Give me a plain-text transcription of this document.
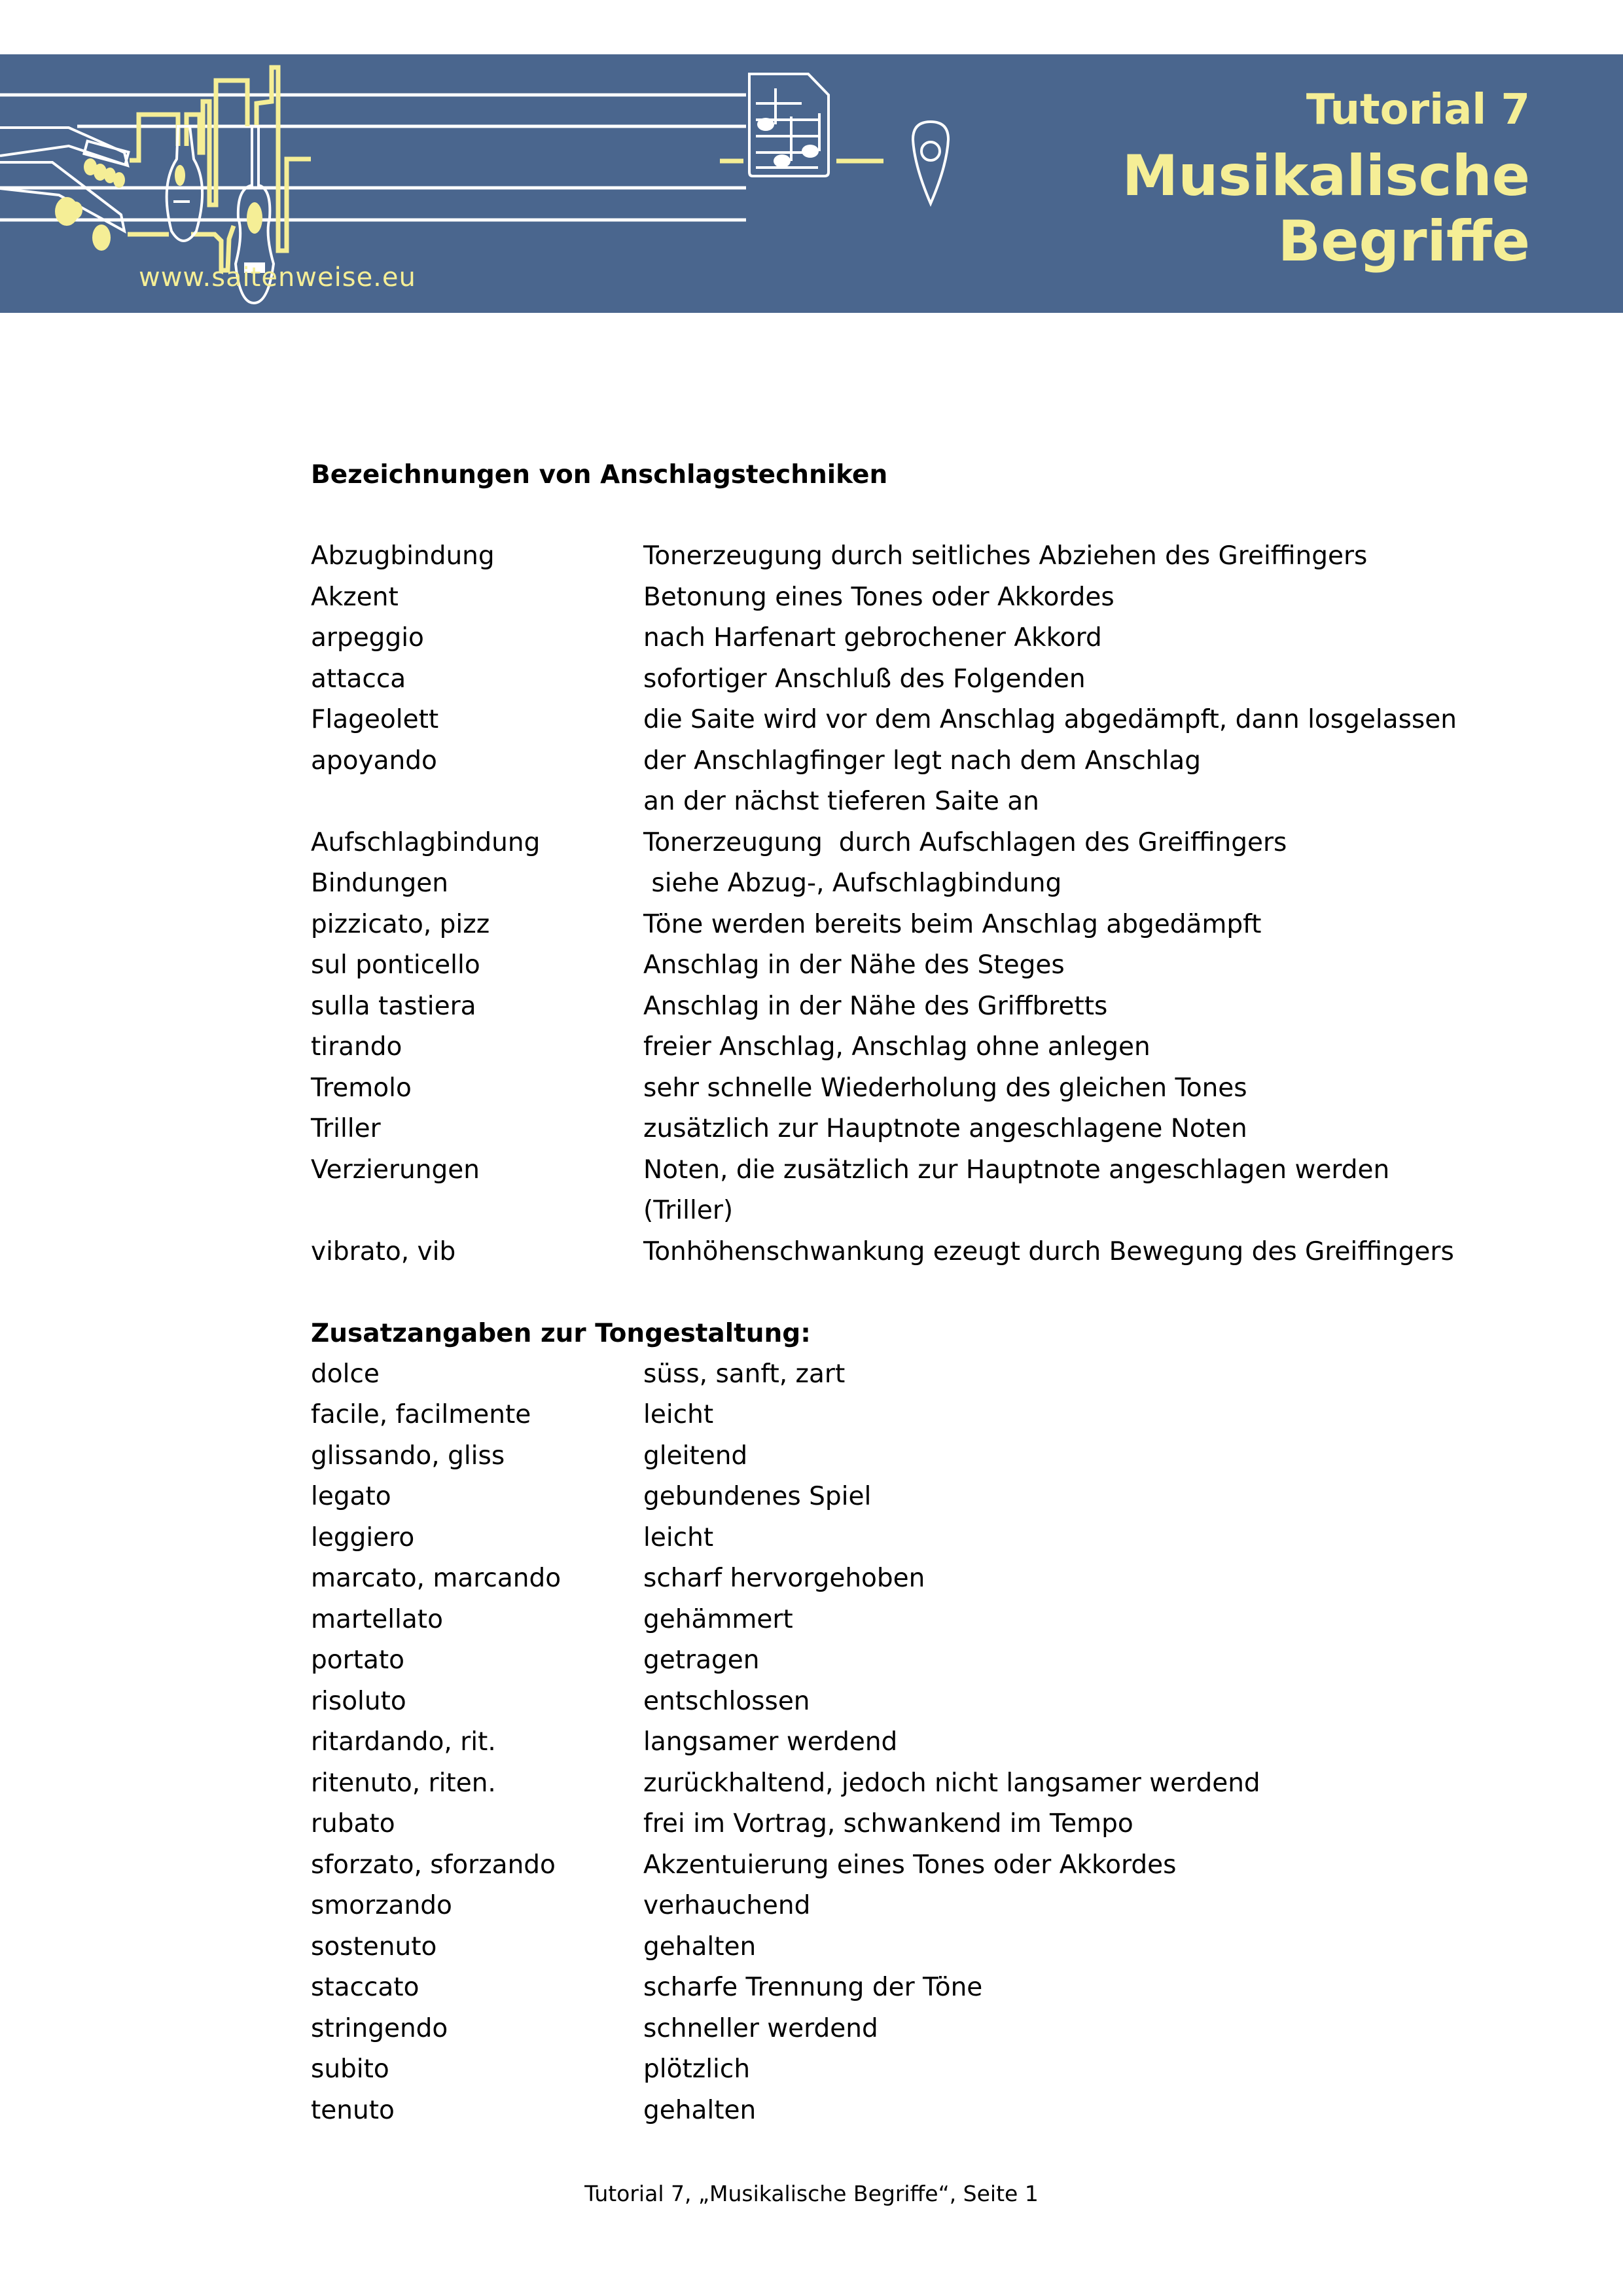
www.saitenweise.eu
Tutorial 7
Musikalische
Begriffe
Bezeichnungen von Anschlagstechniken
Abzugbindung	Tonerzeugung durch seitliches Abziehen des Greiffingers
Akzent	Betonung eines Tones oder Akkordes
arpeggio	nach Harfenart gebrochener Akkord
attacca	sofortiger Anschluß des Folgenden
Flageolett	die Saite wird vor dem Anschlag abgedämpft, dann losgelassen
apoyando	der Anschlagfinger legt nach dem Anschlag
an der nächst tieferen Saite an
Aufschlagbindung	Tonerzeugung  durch Aufschlagen des Greiffingers
Bindungen	siehe Abzug-, Aufschlagbindung
pizzicato, pizz	Töne werden bereits beim Anschlag abgedämpft
sul ponticello	Anschlag in der Nähe des Steges
sulla tastiera	Anschlag in der Nähe des Griffbretts
tirando	freier Anschlag, Anschlag ohne anlegen
Tremolo	sehr schnelle Wiederholung des gleichen Tones
Triller	zusätzlich zur Hauptnote angeschlagene Noten
Verzierungen	Noten, die zusätzlich zur Hauptnote angeschlagen werden
(Triller)
vibrato, vib	Tonhöhenschwankung ezeugt durch Bewegung des Greiffingers
Zusatzangaben zur Tongestaltung:
dolce	süss, sanft, zart
facile, facilmente	leicht
glissando, gliss	gleitend
legato	gebundenes Spiel
leggiero	leicht
marcato, marcando	scharf hervorgehoben
martellato	gehämmert
portato	getragen
risoluto	entschlossen
ritardando, rit.	langsamer werdend
ritenuto, riten.	zurückhaltend, jedoch nicht langsamer werdend
rubato	frei im Vortrag, schwankend im Tempo
sforzato, sforzando	Akzentuierung eines Tones oder Akkordes
smorzando	verhauchend
sostenuto	gehalten
staccato	scharfe Trennung der Töne
stringendo	schneller werdend
subito	plötzlich
tenuto	gehalten
Tutorial 7, „Musikalische Begriffe“, Seite 1
